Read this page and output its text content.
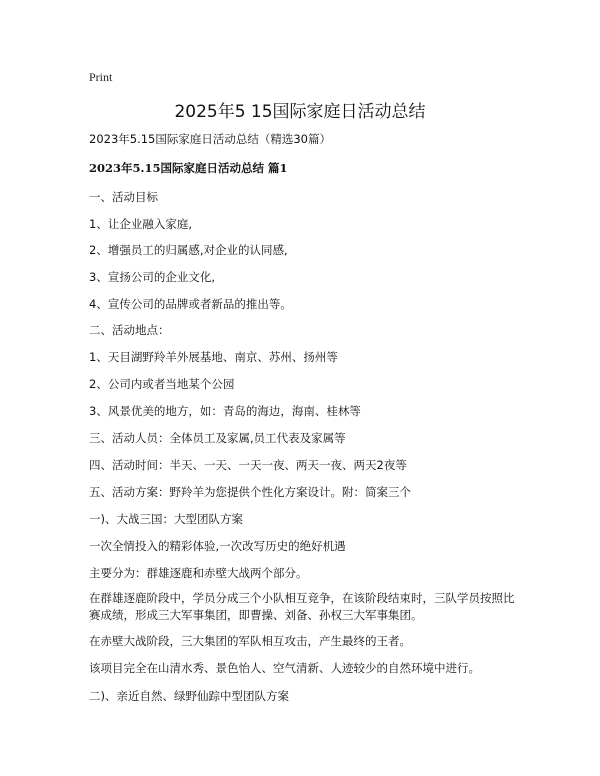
Print
2025年5 15国际家庭日活动总结
2023年5.15国际家庭日活动总结（精选30篇）
2023年5.15国际家庭日活动总结 篇1
一、活动目标
1、让企业融入家庭,
2、增强员工的归属感,对企业的认同感,
3、宣扬公司的企业文化,
4、宣传公司的品牌或者新品的推出等。
二、活动地点：
1、天目湖野羚羊外展基地、南京、苏州、扬州等
2、公司内或者当地某个公园
3、风景优美的地方，如：青岛的海边，海南、桂林等
三、活动人员：全体员工及家属,员工代表及家属等
四、活动时间：半天、一天、一天一夜、两天一夜、两天2夜等
五、活动方案：野羚羊为您提供个性化方案设计。附：简案三个
一)、大战三国：大型团队方案
一次全情投入的精彩体验,一次改写历史的绝好机遇
主要分为：群雄逐鹿和赤壁大战两个部分。
在群雄逐鹿阶段中，学员分成三个小队相互竞争，在该阶段结束时，三队学员按照比赛成绩，形成三大军事集团，即曹操、刘备、孙权三大军事集团。
在赤壁大战阶段，三大集团的军队相互攻击，产生最终的王者。
该项目完全在山清水秀、景色怡人、空气清新、人迹较少的自然环境中进行。
二)、亲近自然、绿野仙踪中型团队方案
